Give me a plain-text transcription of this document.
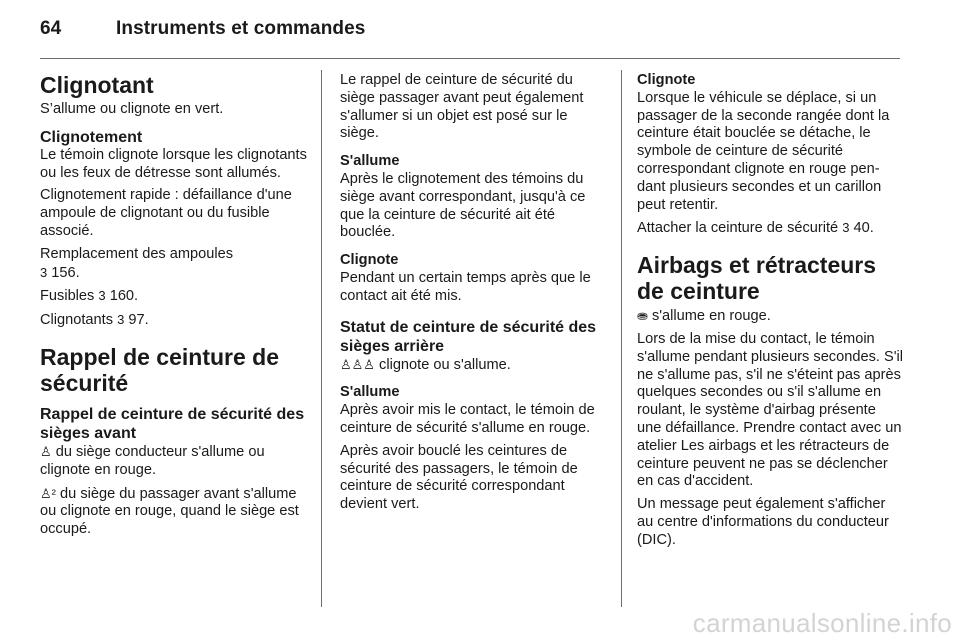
64	Instruments et commandes
Clignotant

S’allume ou clignote en vert.

Clignotement

Le témoin clignote lorsque les clignotants ou les feux de détresse sont allumés.

Clignotement rapide : défaillance d'une ampoule de clignotant ou du fusible associé.

Remplacement des ampoules
3 156.

Fusibles 3 160.

Clignotants 3 97.

Rappel de ceinture de sécurité
Rappel de ceinture de sécurité des sièges avant

♙ du siège conducteur s'allume ou clignote en rouge.

♙² du siège du passager avant s'allume ou clignote en rouge, quand le siège est occupé.

Le rappel de ceinture de sécurité du siège passager avant peut également s'allumer si un objet est posé sur le siège.

S'allume

Après le clignotement des témoins du siège avant correspondant, jusqu'à ce que la ceinture de sécurité ait été bouclée.

Clignote

Pendant un certain temps après que le contact ait été mis.

Statut de ceinture de sécurité des sièges arrière

♙♙♙ clignote ou s'allume.

S'allume

Après avoir mis le contact, le témoin de ceinture de sécurité s'allume en rouge.

Après avoir bouclé les ceintures de sécurité des passagers, le témoin de ceinture de sécurité correspondant devient vert.

Clignote

Lorsque le véhicule se déplace, si un passager de la seconde rangée dont la ceinture était bouclée se détache, le symbole de ceinture de sécurité correspondant clignote en rouge pendant plusieurs secondes et un carillon peut retentir.

Attacher la ceinture de sécurité 3 40.

Airbags et rétracteurs de ceinture

⛂ s'allume en rouge.

Lors de la mise du contact, le témoin s'allume pendant plusieurs secondes. S'il ne s'allume pas, s'il ne s'éteint pas après quelques secondes ou s'il s'allume en roulant, le système d'airbag présente une défaillance. Prendre contact avec un atelier Les airbags et les rétracteurs de ceinture peuvent ne pas se déclencher en cas d'accident.

Un message peut également s'afficher au centre d'informations du conducteur (DIC).

carmanualsonline.info
